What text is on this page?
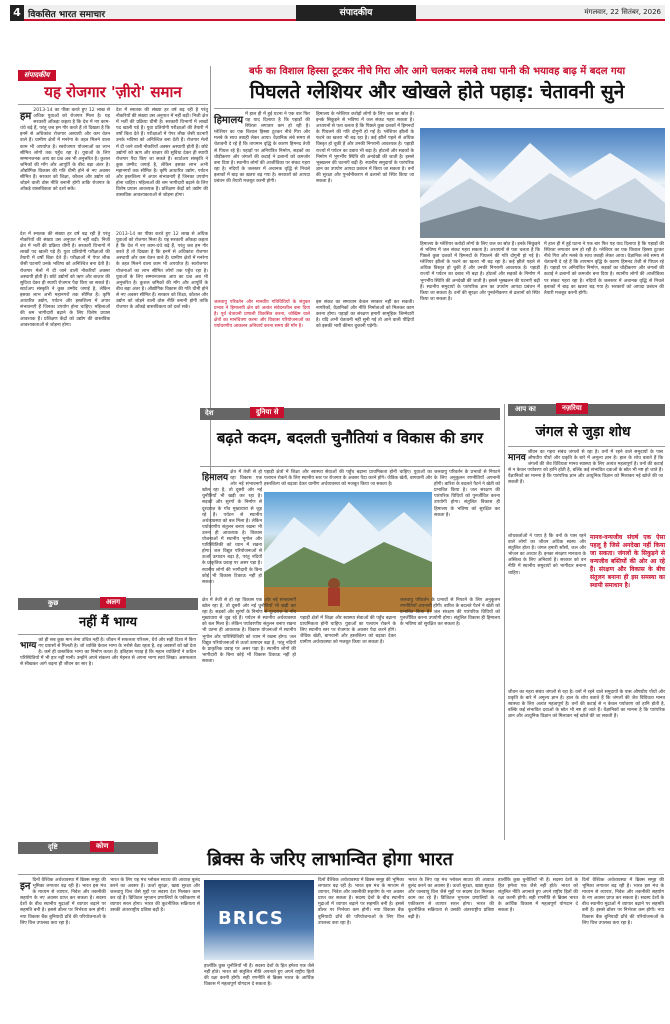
4 विकसित भारत समाचार	संपादकीय	मंगलवार, 22 सितंबर, 2026
संपादकीय
यह रोजगार 'ज़ीरो' समान
हम
2013-14 का पीछा करते हुए 12 लाख से अधिक युवाओं को रोजगार मिला है। यह सरकारी आँकड़ा कहता है कि देश में नए काम-धंधे बढ़े हैं, परंतु जब हम गौर करते हैं तो दिखता है कि इनमें से अधिकांश रोजगार अस्थायी और कम वेतन वाले हैं। ग्रामीण क्षेत्रों में मनरेगा के तहत मिलने वाला काम भी अपर्याप्त है। स्वरोजगार योजनाओं का लाभ सीमित लोगों तक पहुँच रहा है। युवाओं के लिए सम्मानजनक आय का प्रश्न अब भी अनुत्तरित है। कुशल श्रमिकों की माँग और आपूर्ति के बीच बड़ा अंतर है। औद्योगिक विकास की गति धीमी होने से नए अवसर सीमित हैं। सरकार को शिक्षा, कौशल और उद्योग को जोड़ने वाली ठोस नीति बनानी होगी ताकि रोजगार के आँकड़े वास्तविकता को दर्शा सकें।
देश में स्नातक की संख्या हर वर्ष बढ़ रही है परंतु नौकरियों की संख्या उस अनुपात में नहीं बढ़ी। निजी क्षेत्र में भर्ती की प्रक्रिया धीमी है। सरकारी विभागों में लाखों पद खाली पड़े हैं। युवा प्रतियोगी परीक्षाओं की तैयारी में वर्षों बिता देते हैं। परीक्षाओं में पेपर लीक जैसी घटनाएँ उनके भविष्य को अनिश्चित बना देती हैं। रोजगार मेलों में दी जाने वाली नौकरियाँ अक्सर अस्थायी होती हैं। छोटे उद्योगों को ऋण और बाज़ार की सुविधा देकर ही स्थायी रोजगार पैदा किए जा सकते हैं। स्टार्टअप संस्कृति ने कुछ उम्मीद जगाई है, लेकिन इसका लाभ अभी महानगरों तक सीमित है। कृषि आधारित उद्योग, पर्यटन और हस्तशिल्प में अपार संभावनाएँ हैं जिनका उपयोग होना चाहिए। महिलाओं की श्रम भागीदारी बढ़ाने के लिए विशेष प्रयास आवश्यक हैं। प्रशिक्षण केंद्रों को उद्योग की वास्तविक आवश्यकताओं से जोड़ना होगा।
देश में स्नातक की संख्या हर वर्ष बढ़ रही है परंतु नौकरियों की संख्या उस अनुपात में नहीं बढ़ी। निजी क्षेत्र में भर्ती की प्रक्रिया धीमी है। सरकारी विभागों में लाखों पद खाली पड़े हैं। युवा प्रतियोगी परीक्षाओं की तैयारी में वर्षों बिता देते हैं। परीक्षाओं में पेपर लीक जैसी घटनाएँ उनके भविष्य को अनिश्चित बना देती हैं। रोजगार मेलों में दी जाने वाली नौकरियाँ अक्सर अस्थायी होती हैं। छोटे उद्योगों को ऋण और बाज़ार की सुविधा देकर ही स्थायी रोजगार पैदा किए जा सकते हैं। स्टार्टअप संस्कृति ने कुछ उम्मीद जगाई है, लेकिन इसका लाभ अभी महानगरों तक सीमित है। कृषि आधारित उद्योग, पर्यटन और हस्तशिल्प में अपार संभावनाएँ हैं जिनका उपयोग होना चाहिए। महिलाओं की श्रम भागीदारी बढ़ाने के लिए विशेष प्रयास आवश्यक हैं। प्रशिक्षण केंद्रों को उद्योग की वास्तविक आवश्यकताओं से जोड़ना होगा।
2013-14 का पीछा करते हुए 12 लाख से अधिक युवाओं को रोजगार मिला है। यह सरकारी आँकड़ा कहता है कि देश में नए काम-धंधे बढ़े हैं, परंतु जब हम गौर करते हैं तो दिखता है कि इनमें से अधिकांश रोजगार अस्थायी और कम वेतन वाले हैं। ग्रामीण क्षेत्रों में मनरेगा के तहत मिलने वाला काम भी अपर्याप्त है। स्वरोजगार योजनाओं का लाभ सीमित लोगों तक पहुँच रहा है। युवाओं के लिए सम्मानजनक आय का प्रश्न अब भी अनुत्तरित है। कुशल श्रमिकों की माँग और आपूर्ति के बीच बड़ा अंतर है। औद्योगिक विकास की गति धीमी होने से नए अवसर सीमित हैं। सरकार को शिक्षा, कौशल और उद्योग को जोड़ने वाली ठोस नीति बनानी होगी ताकि रोजगार के आँकड़े वास्तविकता को दर्शा सकें।
बर्फ का विशाल हिस्सा टूटकर नीचे गिरा और आगे चलकर मलबे तथा पानी की भयावह बाढ़ में बदल गया
पिघलते ग्लेशियर और खोखले होते पहाड़: चेतावनी सुने
हिमालय
में हाल ही में हुई घटना ने एक बार फिर यह याद दिलाया है कि पहाड़ों की स्थिरता लगातार कम हो रही है। ग्लेशियर का एक विशाल हिस्सा टूटकर नीचे गिरा और मलबे के साथ तबाही लेकर आया। वैज्ञानिक लंबे समय से चेतावनी दे रहे हैं कि तापमान वृद्धि के कारण हिमनद तेजी से पिघल रहे हैं। पहाड़ों पर अनियंत्रित निर्माण, सड़कों का चौड़ीकरण और जंगलों की कटाई ने ढलानों को कमजोर बना दिया है। स्थानीय लोगों की आजीविका पर संकट गहरा रहा है। नदियों के जलस्तर में अचानक वृद्धि से निचले इलाकों में बाढ़ का खतरा बढ़ गया है। सरकारों को आपदा प्रबंधन की तैयारी मजबूत करनी होगी।
हिमालय के ग्लेशियर करोड़ों लोगों के लिए जल का स्रोत हैं। इनके सिकुड़ने से भविष्य में जल संकट गहरा सकता है। अध्ययनों से पता चलता है कि पिछले कुछ दशकों में हिमनदों के पिघलने की गति दोगुनी हो गई है। ग्लेशियर झीलों के फटने का खतरा भी बढ़ रहा है। कई झीलें पहले से अधिक विस्तृत हो चुकी हैं और उनकी निगरानी आवश्यक है। पहाड़ी राज्यों में पर्यटन का दबाव भी बढ़ा है। होटलों और सड़कों के निर्माण में भूगर्भीय स्थिति की अनदेखी की जाती है। इससे भूस्खलन की घटनाएँ बढ़ी हैं। स्थानीय समुदायों के पारंपरिक ज्ञान का उपयोग आपदा प्रबंधन में किया जा सकता है। वनों की सुरक्षा और पुनर्वनीकरण से ढलानों को स्थिर किया जा सकता है।
जलवायु परिवर्तन और मानवीय गतिविधियों के संयुक्त प्रभाव ने हिमालयी क्षेत्र को अत्यंत संवेदनशील बना दिया है। पूर्व चेतावनी प्रणाली विकसित करना, जोखिम वाले क्षेत्रों का मानचित्रण करना और विकास परियोजनाओं का पर्यावरणीय आकलन अनिवार्य करना समय की माँग है।
इस संकट का समाधान केवल सरकार नहीं कर सकती। नागरिकों, वैज्ञानिकों और नीति निर्माताओं को मिलकर काम करना होगा। पहाड़ों का संरक्षण हमारी सामूहिक जिम्मेदारी है। यदि अभी चेतावनी नहीं सुनी गई तो आने वाली पीढ़ियों को इसकी भारी कीमत चुकानी पड़ेगी।
हिमालय के ग्लेशियर करोड़ों लोगों के लिए जल का स्रोत हैं। इनके सिकुड़ने से भविष्य में जल संकट गहरा सकता है। अध्ययनों से पता चलता है कि पिछले कुछ दशकों में हिमनदों के पिघलने की गति दोगुनी हो गई है। ग्लेशियर झीलों के फटने का खतरा भी बढ़ रहा है। कई झीलें पहले से अधिक विस्तृत हो चुकी हैं और उनकी निगरानी आवश्यक है। पहाड़ी राज्यों में पर्यटन का दबाव भी बढ़ा है। होटलों और सड़कों के निर्माण में भूगर्भीय स्थिति की अनदेखी की जाती है। इससे भूस्खलन की घटनाएँ बढ़ी हैं। स्थानीय समुदायों के पारंपरिक ज्ञान का उपयोग आपदा प्रबंधन में किया जा सकता है। वनों की सुरक्षा और पुनर्वनीकरण से ढलानों को स्थिर किया जा सकता है।
में हाल ही में हुई घटना ने एक बार फिर यह याद दिलाया है कि पहाड़ों की स्थिरता लगातार कम हो रही है। ग्लेशियर का एक विशाल हिस्सा टूटकर नीचे गिरा और मलबे के साथ तबाही लेकर आया। वैज्ञानिक लंबे समय से चेतावनी दे रहे हैं कि तापमान वृद्धि के कारण हिमनद तेजी से पिघल रहे हैं। पहाड़ों पर अनियंत्रित निर्माण, सड़कों का चौड़ीकरण और जंगलों की कटाई ने ढलानों को कमजोर बना दिया है। स्थानीय लोगों की आजीविका पर संकट गहरा रहा है। नदियों के जलस्तर में अचानक वृद्धि से निचले इलाकों में बाढ़ का खतरा बढ़ गया है। सरकारों को आपदा प्रबंधन की तैयारी मजबूत करनी होगी।
देश	दुनिया से
बढ़ते कदम, बदलती चुनौतियां व विकास की डगर
हिमालय
क्षेत्र में तेजी से हो रहा विकास एक ओर नई संभावनाएँ खोल रहा है, तो दूसरी ओर नई चुनौतियाँ भी खड़ी कर रहा है। सड़कों और सुरंगों के निर्माण से दूरदराज़ के गाँव मुख्यधारा से जुड़ रहे हैं। पर्यटन से स्थानीय अर्थव्यवस्था को बल मिला है। लेकिन पर्यावरणीय संतुलन बनाए रखना भी उतना ही आवश्यक है। विकास योजनाओं में स्थानीय भूगोल और पारिस्थितिकी को ध्यान में रखना होगा। जल विद्युत परियोजनाओं से ऊर्जा उत्पादन बढ़ा है, परंतु नदियों के प्राकृतिक प्रवाह पर असर पड़ा है। स्थानीय लोगों की भागीदारी के बिना कोई भी विकास टिकाऊ नहीं हो सकता।
पहाड़ी क्षेत्रों में शिक्षा और स्वास्थ्य सेवाओं की पहुँच बढ़ाना प्राथमिकता होनी चाहिए। युवाओं का पलायन रोकने के लिए स्थानीय स्तर पर रोजगार के अवसर पैदा करने होंगे। जैविक खेती, बागवानी और हस्तशिल्प को बढ़ावा देकर ग्रामीण अर्थव्यवस्था को मजबूत किया जा सकता है।
जलवायु परिवर्तन के प्रभावों से निपटने के लिए अनुकूलन रणनीतियाँ अपनानी होंगी। बारिश के बदलते पैटर्न ने खेती को प्रभावित किया है। जल संरक्षण की पारंपरिक विधियों को पुनर्जीवित करना उपयोगी होगा। संतुलित विकास ही हिमालय के भविष्य को सुरक्षित कर सकता है।
क्षेत्र में तेजी से हो रहा विकास एक ओर नई संभावनाएँ खोल रहा है, तो दूसरी ओर नई चुनौतियाँ भी खड़ी कर रहा है। सड़कों और सुरंगों के निर्माण से दूरदराज़ के गाँव मुख्यधारा से जुड़ रहे हैं। पर्यटन से स्थानीय अर्थव्यवस्था को बल मिला है। लेकिन पर्यावरणीय संतुलन बनाए रखना भी उतना ही आवश्यक है। विकास योजनाओं में स्थानीय भूगोल और पारिस्थितिकी को ध्यान में रखना होगा। जल विद्युत परियोजनाओं से ऊर्जा उत्पादन बढ़ा है, परंतु नदियों के प्राकृतिक प्रवाह पर असर पड़ा है। स्थानीय लोगों की भागीदारी के बिना कोई भी विकास टिकाऊ नहीं हो सकता।
पहाड़ी क्षेत्रों में शिक्षा और स्वास्थ्य सेवाओं की पहुँच बढ़ाना प्राथमिकता होनी चाहिए। युवाओं का पलायन रोकने के लिए स्थानीय स्तर पर रोजगार के अवसर पैदा करने होंगे। जैविक खेती, बागवानी और हस्तशिल्प को बढ़ावा देकर ग्रामीण अर्थव्यवस्था को मजबूत किया जा सकता है।
जलवायु परिवर्तन के प्रभावों से निपटने के लिए अनुकूलन रणनीतियाँ अपनानी होंगी। बारिश के बदलते पैटर्न ने खेती को प्रभावित किया है। जल संरक्षण की पारंपरिक विधियों को पुनर्जीवित करना उपयोगी होगा। संतुलित विकास ही हिमालय के भविष्य को सुरक्षित कर सकता है।
आप का	नज़रिया
जंगल से जुड़ा शोध
मानव
जीवन का गहरा संबंध जंगलों से रहा है। वनों में रहने वाले समुदायों के पास औषधीय पौधों और प्रकृति के बारे में अमूल्य ज्ञान है। हाल के शोध बताते हैं कि जंगलों की जैव विविधता मानव स्वास्थ्य के लिए अत्यंत महत्वपूर्ण है। वनों की कटाई से न केवल पर्यावरण को हानि होती है, बल्कि कई संभावित दवाओं के स्रोत भी नष्ट हो जाते हैं। वैज्ञानिकों का मानना है कि पारंपरिक ज्ञान और आधुनिक विज्ञान को मिलाकर नई खोजें की जा सकती हैं।
शोधकर्ताओं ने पाया है कि वनों के पास रहने वाले लोगों का जीवन अधिक स्वस्थ और संतुलित होता है। जंगल हमारी साँसों, जल और भोजन का आधार हैं। इनका संरक्षण मानवता के अस्तित्व के लिए अनिवार्य है। सरकार को वन नीति में स्थानीय समुदायों को भागीदार बनाना चाहिए।
मानव-वन्यजीव संघर्ष एक ऐसा पहलू है जिसे अनदेखा नहीं किया जा सकता। जंगलों के सिकुड़ने से वन्यजीव बस्तियों की ओर आ रहे हैं। संरक्षण और विकास के बीच संतुलन बनाना ही इस समस्या का स्थायी समाधान है।
जीवन का गहरा संबंध जंगलों से रहा है। वनों में रहने वाले समुदायों के पास औषधीय पौधों और प्रकृति के बारे में अमूल्य ज्ञान है। हाल के शोध बताते हैं कि जंगलों की जैव विविधता मानव स्वास्थ्य के लिए अत्यंत महत्वपूर्ण है। वनों की कटाई से न केवल पर्यावरण को हानि होती है, बल्कि कई संभावित दवाओं के स्रोत भी नष्ट हो जाते हैं। वैज्ञानिकों का मानना है कि पारंपरिक ज्ञान और आधुनिक विज्ञान को मिलाकर नई खोजें की जा सकती हैं।
कुछ	अलग
नहीं मैं भाग्य
भाग्य
को ही सब कुछ मान लेना उचित नहीं है। जीवन में सफलता परिश्रम, धैर्य और सही दिशा में किए गए प्रयासों से मिलती है। जो व्यक्ति केवल भाग्य के भरोसे बैठा रहता है, वह अवसरों को खो देता है। कर्म ही वास्तविक भाग्य का निर्माण करता है। इतिहास गवाह है कि महान व्यक्तियों ने कठिन परिस्थितियों में भी हार नहीं मानी। उन्होंने अपने संकल्प और मेहनत से अपना भाग्य स्वयं लिखा। असफलता से सीखकर आगे बढ़ना ही जीवन का सार है।
दृष्टि	कोण
ब्रिक्स के जरिए लाभान्वित होगा भारत
इन
दिनों वैश्विक अर्थव्यवस्था में ब्रिक्स समूह की भूमिका लगातार बढ़ रही है। भारत इस मंच के माध्यम से व्यापार, निवेश और तकनीकी सहयोग के नए अवसर प्राप्त कर सकता है। सदस्य देशों के बीच स्थानीय मुद्राओं में व्यापार बढ़ाने पर सहमति बनी है। इससे डॉलर पर निर्भरता कम होगी। नया विकास बैंक बुनियादी ढाँचे की परियोजनाओं के लिए वित्त उपलब्ध करा रहा है।
भारत के लिए यह मंच ग्लोबल साउथ की आवाज़ बुलंद करने का अवसर है। ऊर्जा सुरक्षा, खाद्य सुरक्षा और जलवायु वित्त जैसे मुद्दों पर सदस्य देश मिलकर काम कर रहे हैं। डिजिटल भुगतान प्रणालियों के एकीकरण से व्यापार सरल होगा। भारत की कूटनीतिक सक्रियता से उसकी अंतरराष्ट्रीय प्रतिष्ठा बढ़ी है।	BRICS
हालाँकि कुछ चुनौतियाँ भी हैं। सदस्य देशों के हित हमेशा एक जैसे नहीं होते। भारत को संतुलित नीति अपनाते हुए अपने राष्ट्रीय हितों की रक्षा करनी होगी। सही रणनीति से ब्रिक्स भारत के आर्थिक विकास में महत्वपूर्ण योगदान दे सकता है।
दिनों वैश्विक अर्थव्यवस्था में ब्रिक्स समूह की भूमिका लगातार बढ़ रही है। भारत इस मंच के माध्यम से व्यापार, निवेश और तकनीकी सहयोग के नए अवसर प्राप्त कर सकता है। सदस्य देशों के बीच स्थानीय मुद्राओं में व्यापार बढ़ाने पर सहमति बनी है। इससे डॉलर पर निर्भरता कम होगी। नया विकास बैंक बुनियादी ढाँचे की परियोजनाओं के लिए वित्त उपलब्ध करा रहा है।
भारत के लिए यह मंच ग्लोबल साउथ की आवाज़ बुलंद करने का अवसर है। ऊर्जा सुरक्षा, खाद्य सुरक्षा और जलवायु वित्त जैसे मुद्दों पर सदस्य देश मिलकर काम कर रहे हैं। डिजिटल भुगतान प्रणालियों के एकीकरण से व्यापार सरल होगा। भारत की कूटनीतिक सक्रियता से उसकी अंतरराष्ट्रीय प्रतिष्ठा बढ़ी है।
हालाँकि कुछ चुनौतियाँ भी हैं। सदस्य देशों के हित हमेशा एक जैसे नहीं होते। भारत को संतुलित नीति अपनाते हुए अपने राष्ट्रीय हितों की रक्षा करनी होगी। सही रणनीति से ब्रिक्स भारत के आर्थिक विकास में महत्वपूर्ण योगदान दे सकता है।
दिनों वैश्विक अर्थव्यवस्था में ब्रिक्स समूह की भूमिका लगातार बढ़ रही है। भारत इस मंच के माध्यम से व्यापार, निवेश और तकनीकी सहयोग के नए अवसर प्राप्त कर सकता है। सदस्य देशों के बीच स्थानीय मुद्राओं में व्यापार बढ़ाने पर सहमति बनी है। इससे डॉलर पर निर्भरता कम होगी। नया विकास बैंक बुनियादी ढाँचे की परियोजनाओं के लिए वित्त उपलब्ध करा रहा है।
